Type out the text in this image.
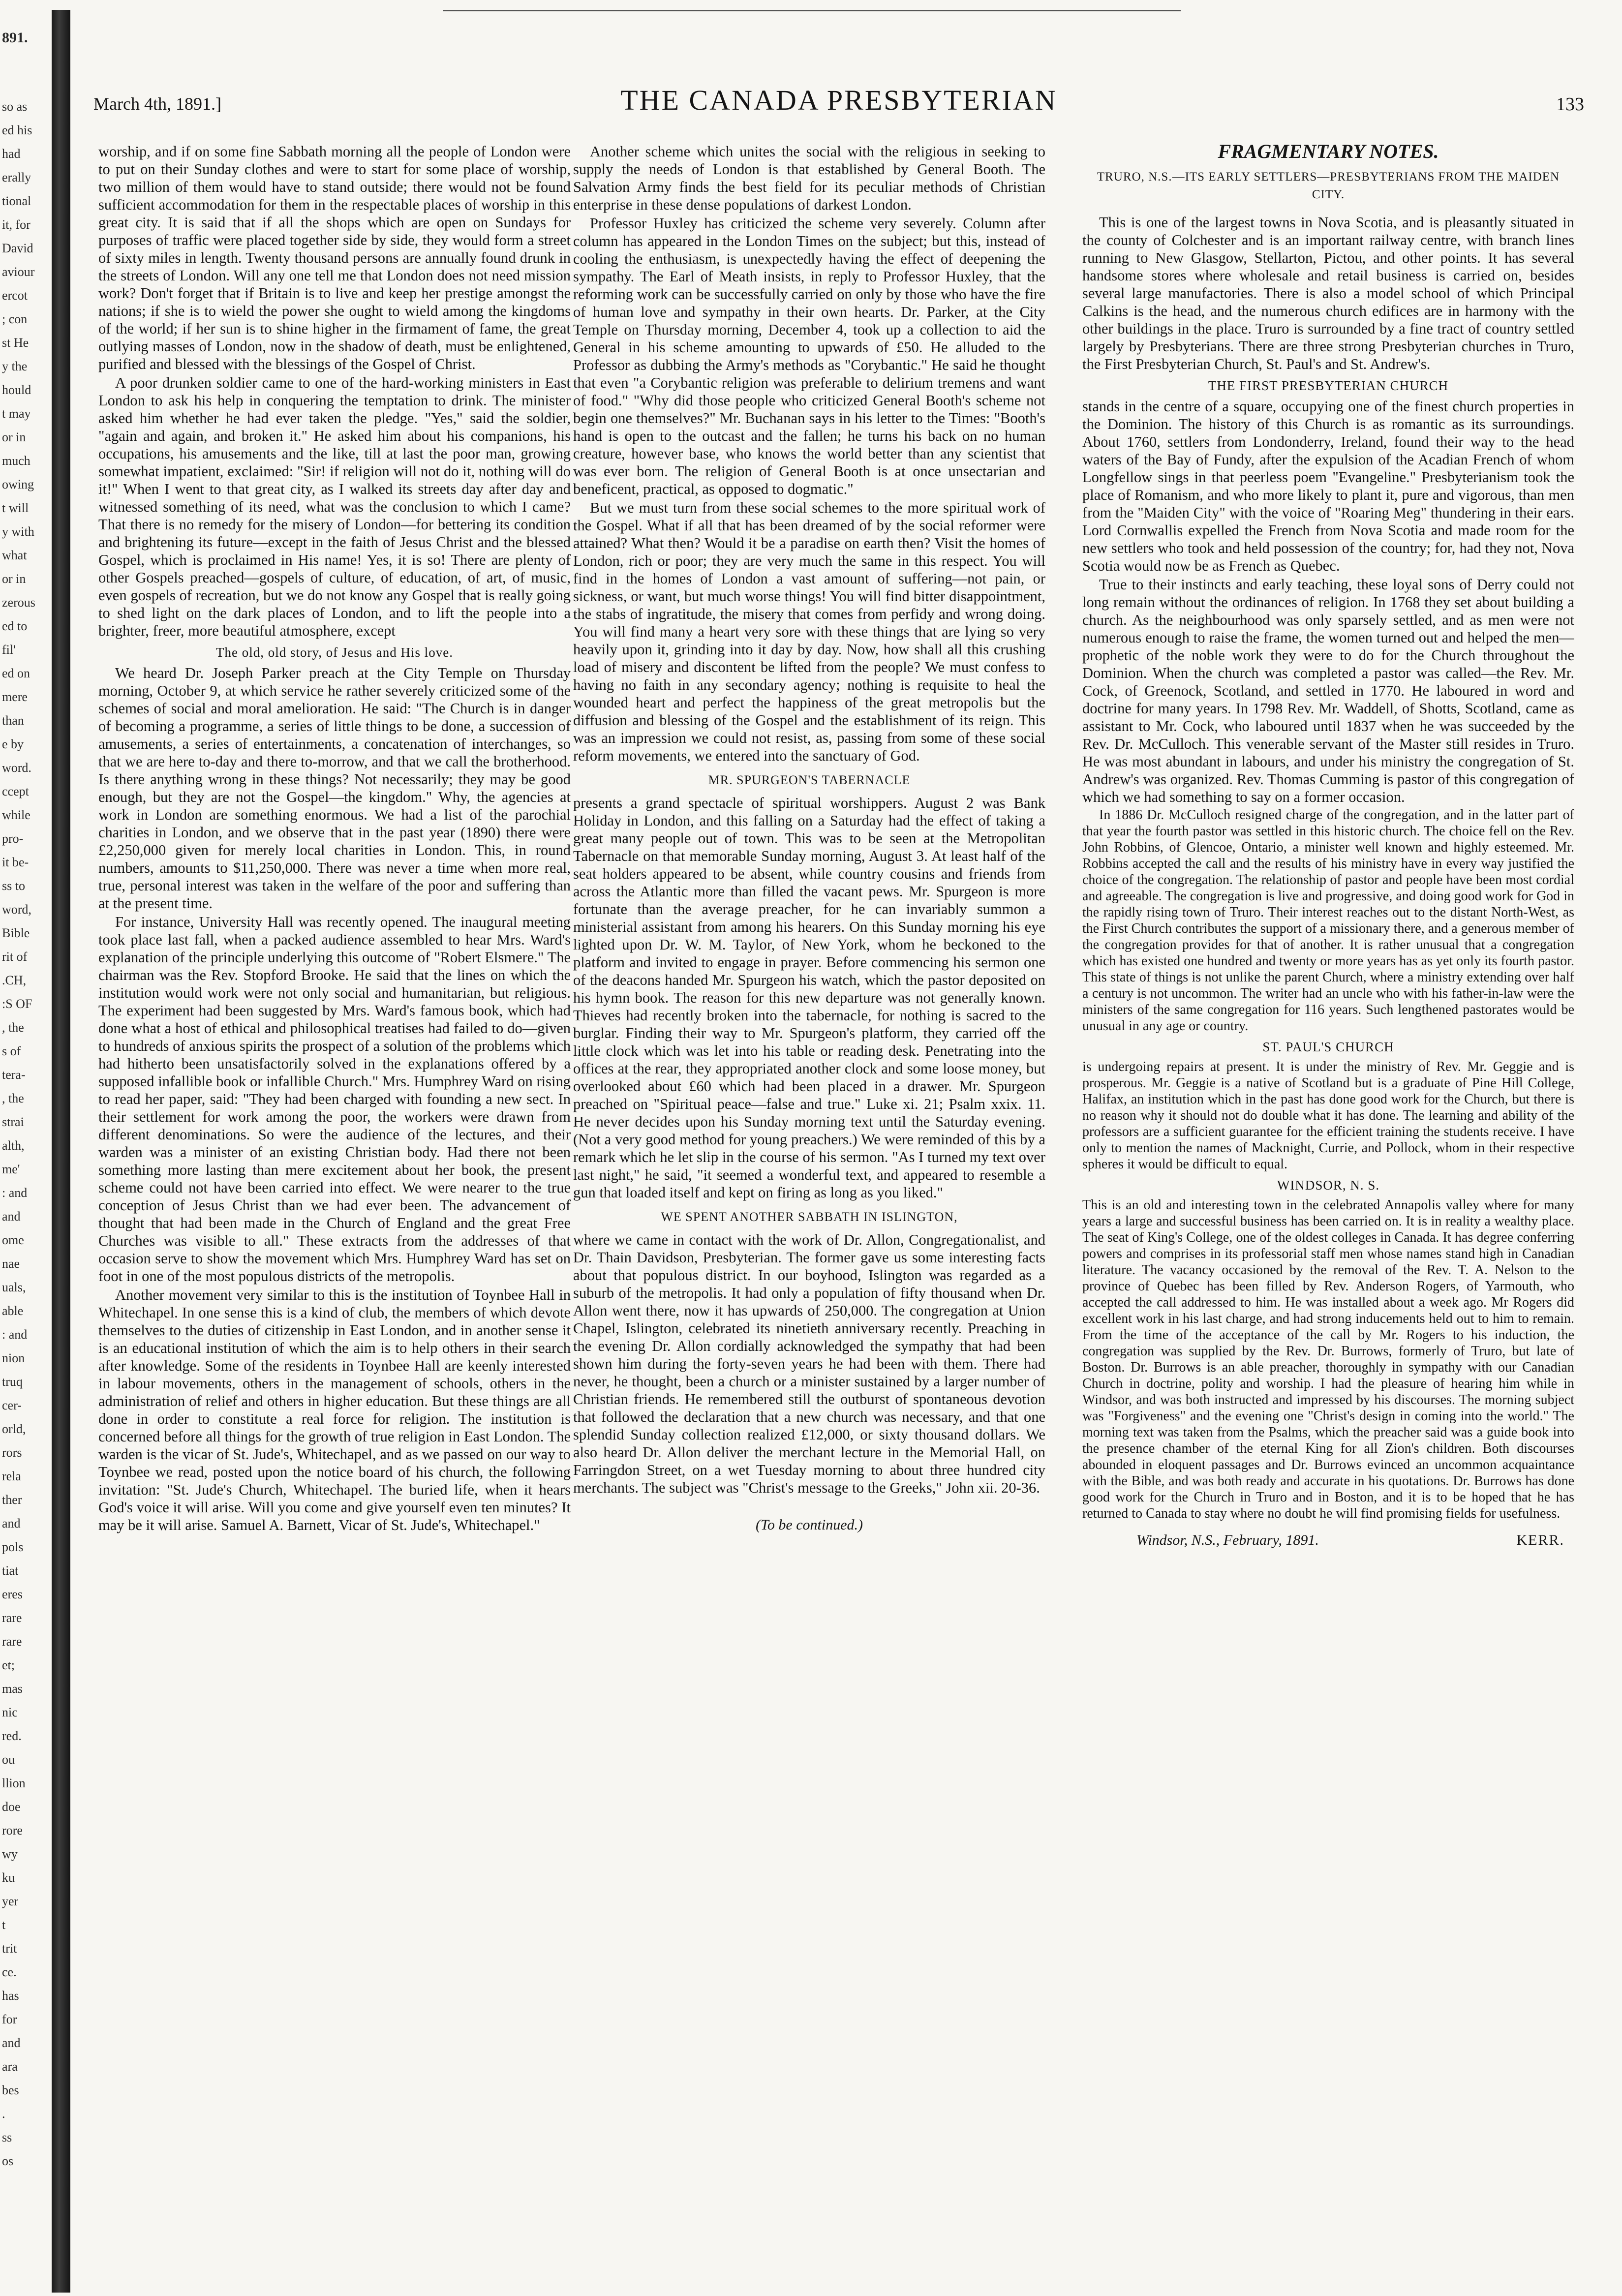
891.
so as
ed his
had
erally
tional
it, for
David
aviour
ercot
; con
st He
y the
hould
t may
or in
much
owing
t will
y with
what
or in
zerous
ed to
fil'
ed on
mere
than
e by
word.
ccept
while
pro-
it be-
ss to
word,
Bible
rit of
.CH,
:S OF
, the
s of
tera-
, the
strai
alth,
me'
: and
and
ome
nae
uals,
able
: and
nion
truq
cer-
orld,
rors
rela
ther
and
pols
tiat
eres
rare
rare
et;
mas
nic
red.
ou
llion
doe
rore
wy
ku
yer
t
trit
ce.
has
for
and
ara
bes
.
ss
os
March 4th, 1891.]	THE CANADA PRESBYTERIAN	133

worship, and if on some fine Sabbath morning all the people of London were to put on their Sunday clothes and were to start for some place of worship, two million of them would have to stand outside; there would not be found sufficient accommodation for them in the respectable places of worship in this great city. It is said that if all the shops which are open on Sundays for purposes of traffic were placed together side by side, they would form a street of sixty miles in length. Twenty thousand persons are annually found drunk in the streets of London. Will any one tell me that London does not need mission work? Don't forget that if Britain is to live and keep her prestige amongst the nations; if she is to wield the power she ought to wield among the kingdoms of the world; if her sun is to shine higher in the firmament of fame, the great outlying masses of London, now in the shadow of death, must be enlightened, purified and blessed with the blessings of the Gospel of Christ.

A poor drunken soldier came to one of the hard-working ministers in East London to ask his help in conquering the temptation to drink. The minister asked him whether he had ever taken the pledge. "Yes," said the soldier, "again and again, and broken it." He asked him about his companions, his occupations, his amusements and the like, till at last the poor man, growing somewhat impatient, exclaimed: "Sir! if religion will not do it, nothing will do it!" When I went to that great city, as I walked its streets day after day and witnessed something of its need, what was the conclusion to which I came? That there is no remedy for the misery of London—for bettering its condition and brightening its future—except in the faith of Jesus Christ and the blessed Gospel, which is proclaimed in His name! Yes, it is so! There are plenty of other Gospels preached—gospels of culture, of education, of art, of music, even gospels of recreation, but we do not know any Gospel that is really going to shed light on the dark places of London, and to lift the people into a brighter, freer, more beautiful atmosphere, except

The old, old story, of Jesus and His love.

We heard Dr. Joseph Parker preach at the City Temple on Thursday morning, October 9, at which service he rather severely criticized some of the schemes of social and moral amelioration. He said: "The Church is in danger of becoming a programme, a series of little things to be done, a succession of amusements, a series of entertainments, a concatenation of interchanges, so that we are here to-day and there to-morrow, and that we call the brotherhood. Is there anything wrong in these things? Not necessarily; they may be good enough, but they are not the Gospel—the kingdom." Why, the agencies at work in London are something enormous. We had a list of the parochial charities in London, and we observe that in the past year (1890) there were £2,250,000 given for merely local charities in London. This, in round numbers, amounts to $11,250,000. There was never a time when more real, true, personal interest was taken in the welfare of the poor and suffering than at the present time.

For instance, University Hall was recently opened. The inaugural meeting took place last fall, when a packed audience assembled to hear Mrs. Ward's explanation of the principle underlying this outcome of "Robert Elsmere." The chairman was the Rev. Stopford Brooke. He said that the lines on which the institution would work were not only social and humanitarian, but religious. The experiment had been suggested by Mrs. Ward's famous book, which had done what a host of ethical and philosophical treatises had failed to do—given to hundreds of anxious spirits the prospect of a solution of the problems which had hitherto been unsatisfactorily solved in the explanations offered by a supposed infallible book or infallible Church." Mrs. Humphrey Ward on rising to read her paper, said: "They had been charged with founding a new sect. In their settlement for work among the poor, the workers were drawn from different denominations. So were the audience of the lectures, and their warden was a minister of an existing Christian body. Had there not been something more lasting than mere excitement about her book, the present scheme could not have been carried into effect. We were nearer to the true conception of Jesus Christ than we had ever been. The advancement of thought that had been made in the Church of England and the great Free Churches was visible to all." These extracts from the addresses of that occasion serve to show the movement which Mrs. Humphrey Ward has set on foot in one of the most populous districts of the metropolis.

Another movement very similar to this is the institution of Toynbee Hall in Whitechapel. In one sense this is a kind of club, the members of which devote themselves to the duties of citizenship in East London, and in another sense it is an educational institution of which the aim is to help others in their search after knowledge. Some of the residents in Toynbee Hall are keenly interested in labour movements, others in the management of schools, others in the administration of relief and others in higher education. But these things are all done in order to constitute a real force for religion. The institution is concerned before all things for the growth of true religion in East London. The warden is the vicar of St. Jude's, Whitechapel, and as we passed on our way to Toynbee we read, posted upon the notice board of his church, the following invitation: "St. Jude's Church, Whitechapel. The buried life, when it hears God's voice it will arise. Will you come and give yourself even ten minutes? It may be it will arise. Samuel A. Barnett, Vicar of St. Jude's, Whitechapel."

Another scheme which unites the social with the religious in seeking to supply the needs of London is that established by General Booth. The Salvation Army finds the best field for its peculiar methods of Christian enterprise in these dense populations of darkest London.

Professor Huxley has criticized the scheme very severely. Column after column has appeared in the London Times on the subject; but this, instead of cooling the enthusiasm, is unexpectedly having the effect of deepening the sympathy. The Earl of Meath insists, in reply to Professor Huxley, that the reforming work can be successfully carried on only by those who have the fire of human love and sympathy in their own hearts. Dr. Parker, at the City Temple on Thursday morning, December 4, took up a collection to aid the General in his scheme amounting to upwards of £50. He alluded to the Professor as dubbing the Army's methods as "Corybantic." He said he thought that even "a Corybantic religion was preferable to delirium tremens and want of food." "Why did those people who criticized General Booth's scheme not begin one themselves?" Mr. Buchanan says in his letter to the Times: "Booth's hand is open to the outcast and the fallen; he turns his back on no human creature, however base, who knows the world better than any scientist that was ever born. The religion of General Booth is at once unsectarian and beneficent, practical, as opposed to dogmatic."

But we must turn from these social schemes to the more spiritual work of the Gospel. What if all that has been dreamed of by the social reformer were attained? What then? Would it be a paradise on earth then? Visit the homes of London, rich or poor; they are very much the same in this respect. You will find in the homes of London a vast amount of suffering—not pain, or sickness, or want, but much worse things! You will find bitter disappointment, the stabs of ingratitude, the misery that comes from perfidy and wrong doing. You will find many a heart very sore with these things that are lying so very heavily upon it, grinding into it day by day. Now, how shall all this crushing load of misery and discontent be lifted from the people? We must confess to having no faith in any secondary agency; nothing is requisite to heal the wounded heart and perfect the happiness of the great metropolis but the diffusion and blessing of the Gospel and the establishment of its reign. This was an impression we could not resist, as, passing from some of these social reform movements, we entered into the sanctuary of God.

MR. SPURGEON'S TABERNACLE

presents a grand spectacle of spiritual worshippers. August 2 was Bank Holiday in London, and this falling on a Saturday had the effect of taking a great many people out of town. This was to be seen at the Metropolitan Tabernacle on that memorable Sunday morning, August 3. At least half of the seat holders appeared to be absent, while country cousins and friends from across the Atlantic more than filled the vacant pews. Mr. Spurgeon is more fortunate than the average preacher, for he can invariably summon a ministerial assistant from among his hearers. On this Sunday morning his eye lighted upon Dr. W. M. Taylor, of New York, whom he beckoned to the platform and invited to engage in prayer. Before commencing his sermon one of the deacons handed Mr. Spurgeon his watch, which the pastor deposited on his hymn book. The reason for this new departure was not generally known. Thieves had recently broken into the tabernacle, for nothing is sacred to the burglar. Finding their way to Mr. Spurgeon's platform, they carried off the little clock which was let into his table or reading desk. Penetrating into the offices at the rear, they appropriated another clock and some loose money, but overlooked about £60 which had been placed in a drawer. Mr. Spurgeon preached on "Spiritual peace—false and true." Luke xi. 21; Psalm xxix. 11. He never decides upon his Sunday morning text until the Saturday evening. (Not a very good method for young preachers.) We were reminded of this by a remark which he let slip in the course of his sermon. "As I turned my text over last night," he said, "it seemed a wonderful text, and appeared to resemble a gun that loaded itself and kept on firing as long as you liked."

WE SPENT ANOTHER SABBATH IN ISLINGTON,

where we came in contact with the work of Dr. Allon, Congregationalist, and Dr. Thain Davidson, Presbyterian. The former gave us some interesting facts about that populous district. In our boyhood, Islington was regarded as a suburb of the metropolis. It had only a population of fifty thousand when Dr. Allon went there, now it has upwards of 250,000. The congregation at Union Chapel, Islington, celebrated its ninetieth anniversary recently. Preaching in the evening Dr. Allon cordially acknowledged the sympathy that had been shown him during the forty-seven years he had been with them. There had never, he thought, been a church or a minister sustained by a larger number of Christian friends. He remembered still the outburst of spontaneous devotion that followed the declaration that a new church was necessary, and that one splendid Sunday collection realized £12,000, or sixty thousand dollars. We also heard Dr. Allon deliver the merchant lecture in the Memorial Hall, on Farringdon Street, on a wet Tuesday morning to about three hundred city merchants. The subject was "Christ's message to the Greeks," John xii. 20-36.

(To be continued.)
FRAGMENTARY NOTES.
TRURO, N.S.—ITS EARLY SETTLERS—PRESBYTERIANS FROM THE MAIDEN CITY.

This is one of the largest towns in Nova Scotia, and is pleasantly situated in the county of Colchester and is an important railway centre, with branch lines running to New Glasgow, Stellarton, Pictou, and other points. It has several handsome stores where wholesale and retail business is carried on, besides several large manufactories. There is also a model school of which Principal Calkins is the head, and the numerous church edifices are in harmony with the other buildings in the place. Truro is surrounded by a fine tract of country settled largely by Presbyterians. There are three strong Presbyterian churches in Truro, the First Presbyterian Church, St. Paul's and St. Andrew's.

THE FIRST PRESBYTERIAN CHURCH

stands in the centre of a square, occupying one of the finest church properties in the Dominion. The history of this Church is as romantic as its surroundings. About 1760, settlers from Londonderry, Ireland, found their way to the head waters of the Bay of Fundy, after the expulsion of the Acadian French of whom Longfellow sings in that peerless poem "Evangeline." Presbyterianism took the place of Romanism, and who more likely to plant it, pure and vigorous, than men from the "Maiden City" with the voice of "Roaring Meg" thundering in their ears. Lord Cornwallis expelled the French from Nova Scotia and made room for the new settlers who took and held possession of the country; for, had they not, Nova Scotia would now be as French as Quebec.

True to their instincts and early teaching, these loyal sons of Derry could not long remain without the ordinances of religion. In 1768 they set about building a church. As the neighbourhood was only sparsely settled, and as men were not numerous enough to raise the frame, the women turned out and helped the men—prophetic of the noble work they were to do for the Church throughout the Dominion. When the church was completed a pastor was called—the Rev. Mr. Cock, of Greenock, Scotland, and settled in 1770. He laboured in word and doctrine for many years. In 1798 Rev. Mr. Waddell, of Shotts, Scotland, came as assistant to Mr. Cock, who laboured until 1837 when he was succeeded by the Rev. Dr. McCulloch. This venerable servant of the Master still resides in Truro. He was most abundant in labours, and under his ministry the congregation of St. Andrew's was organized. Rev. Thomas Cumming is pastor of this congregation of which we had something to say on a former occasion.

In 1886 Dr. McCulloch resigned charge of the congregation, and in the latter part of that year the fourth pastor was settled in this historic church. The choice fell on the Rev. John Robbins, of Glencoe, Ontario, a minister well known and highly esteemed. Mr. Robbins accepted the call and the results of his ministry have in every way justified the choice of the congregation. The relationship of pastor and people have been most cordial and agreeable. The congregation is live and progressive, and doing good work for God in the rapidly rising town of Truro. Their interest reaches out to the distant North-West, as the First Church contributes the support of a missionary there, and a generous member of the congregation provides for that of another. It is rather unusual that a congregation which has existed one hundred and twenty or more years has as yet only its fourth pastor. This state of things is not unlike the parent Church, where a ministry extending over half a century is not uncommon. The writer had an uncle who with his father-in-law were the ministers of the same congregation for 116 years. Such lengthened pastorates would be unusual in any age or country.

ST. PAUL'S CHURCH

is undergoing repairs at present. It is under the ministry of Rev. Mr. Geggie and is prosperous. Mr. Geggie is a native of Scotland but is a graduate of Pine Hill College, Halifax, an institution which in the past has done good work for the Church, but there is no reason why it should not do double what it has done. The learning and ability of the professors are a sufficient guarantee for the efficient training the students receive. I have only to mention the names of Macknight, Currie, and Pollock, whom in their respective spheres it would be difficult to equal.

WINDSOR, N. S.

This is an old and interesting town in the celebrated Annapolis valley where for many years a large and successful business has been carried on. It is in reality a wealthy place. The seat of King's College, one of the oldest colleges in Canada. It has degree conferring powers and comprises in its professorial staff men whose names stand high in Canadian literature. The vacancy occasioned by the removal of the Rev. T. A. Nelson to the province of Quebec has been filled by Rev. Anderson Rogers, of Yarmouth, who accepted the call addressed to him. He was installed about a week ago. Mr Rogers did excellent work in his last charge, and had strong inducements held out to him to remain. From the time of the acceptance of the call by Mr. Rogers to his induction, the congregation was supplied by the Rev. Dr. Burrows, formerly of Truro, but late of Boston. Dr. Burrows is an able preacher, thoroughly in sympathy with our Canadian Church in doctrine, polity and worship. I had the pleasure of hearing him while in Windsor, and was both instructed and impressed by his discourses. The morning subject was "Forgiveness" and the evening one "Christ's design in coming into the world." The morning text was taken from the Psalms, which the preacher said was a guide book into the presence chamber of the eternal King for all Zion's children. Both discourses abounded in eloquent passages and Dr. Burrows evinced an uncommon acquaintance with the Bible, and was both ready and accurate in his quotations. Dr. Burrows has done good work for the Church in Truro and in Boston, and it is to be hoped that he has returned to Canada to stay where no doubt he will find promising fields for usefulness.

Windsor, N.S., February, 1891.	KERR.
